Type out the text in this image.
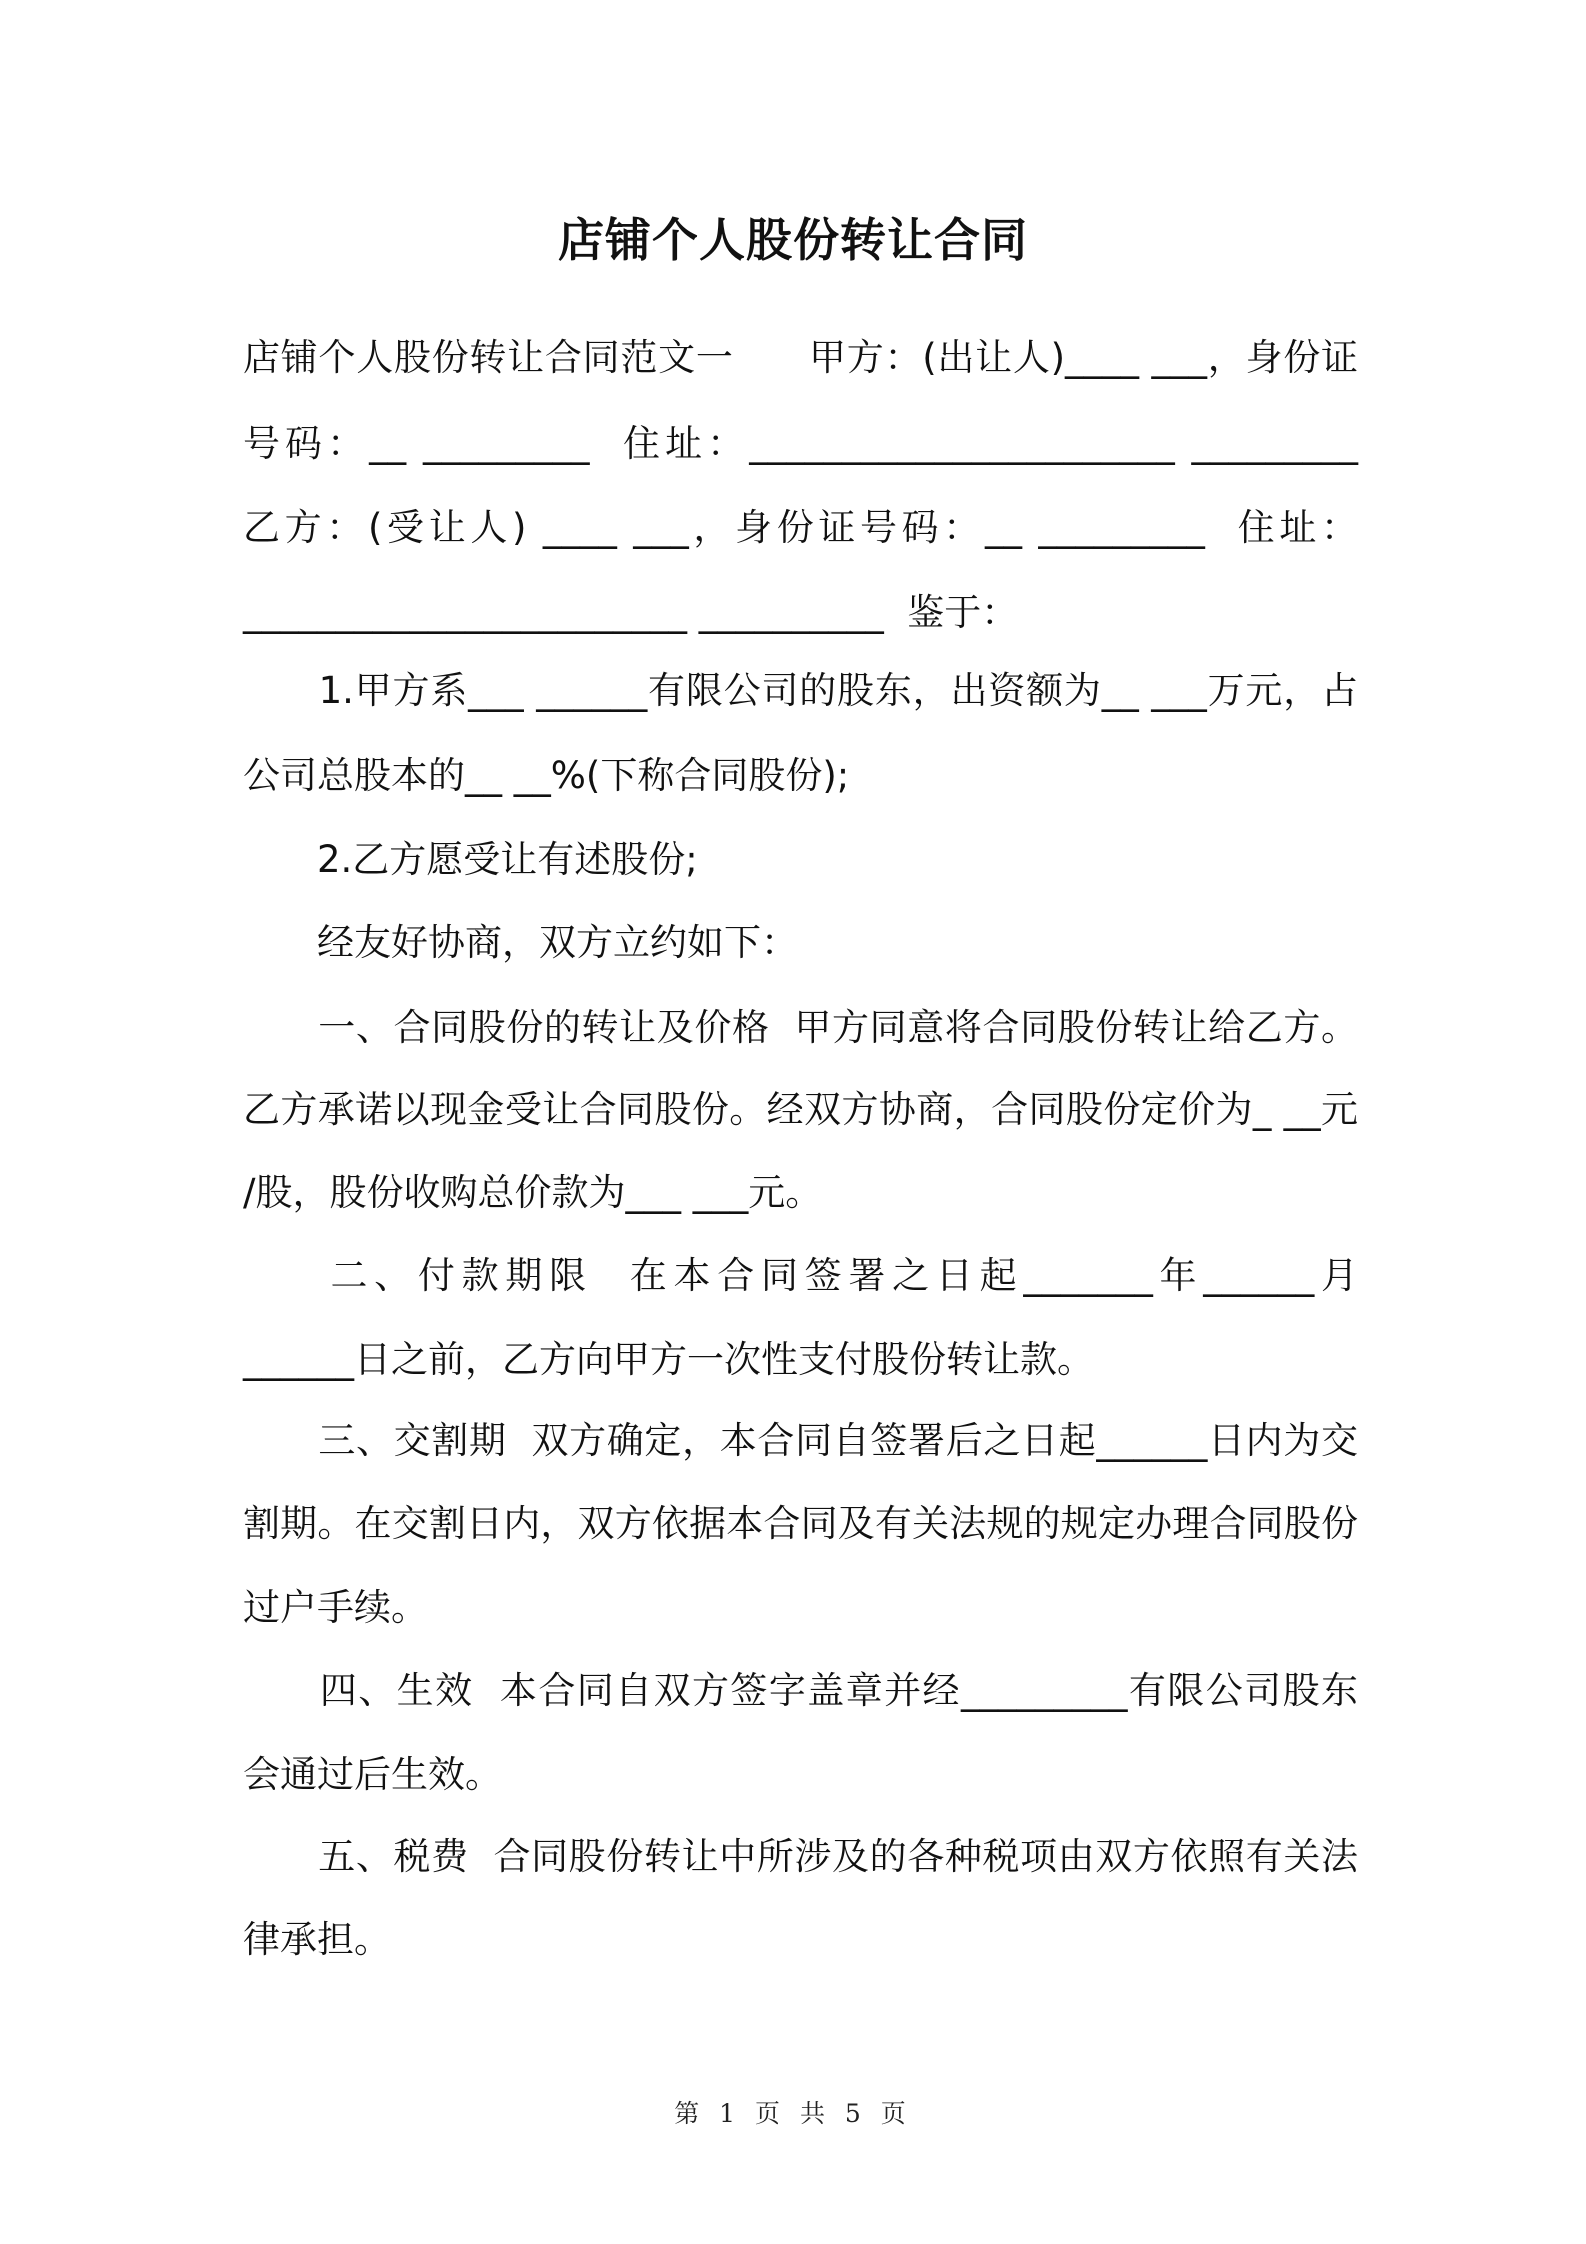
店铺个人股份转让合同

店铺个人股份转让合同范文一　　甲方：(出让人)____ ___，身份证

号码：__ _________  住址：_______________________ _________

乙方：(受让人) ____ ___，身份证号码：__ _________  住址：

________________________ __________  鉴于：

　　1.甲方系___ ______有限公司的股东，出资额为__ ___万元，占

公司总股本的__ __%(下称合同股份);

　　2.乙方愿受让有述股份;

　　经友好协商，双方立约如下：

　　一、合同股份的转让及价格  甲方同意将合同股份转让给乙方。

乙方承诺以现金受让合同股份。经双方协商，合同股份定价为_ __元

/股，股份收购总价款为___ ___元。

　　二、付款期限  在本合同签署之日起_______年______月

______日之前，乙方向甲方一次性支付股份转让款。

　　三、交割期  双方确定，本合同自签署后之日起______日内为交

割期。在交割日内，双方依据本合同及有关法规的规定办理合同股份

过户手续。

　　四、生效  本合同自双方签字盖章并经_________有限公司股东

会通过后生效。

　　五、税费  合同股份转让中所涉及的各种税项由双方依照有关法

律承担。

第 1 页 共 5 页
